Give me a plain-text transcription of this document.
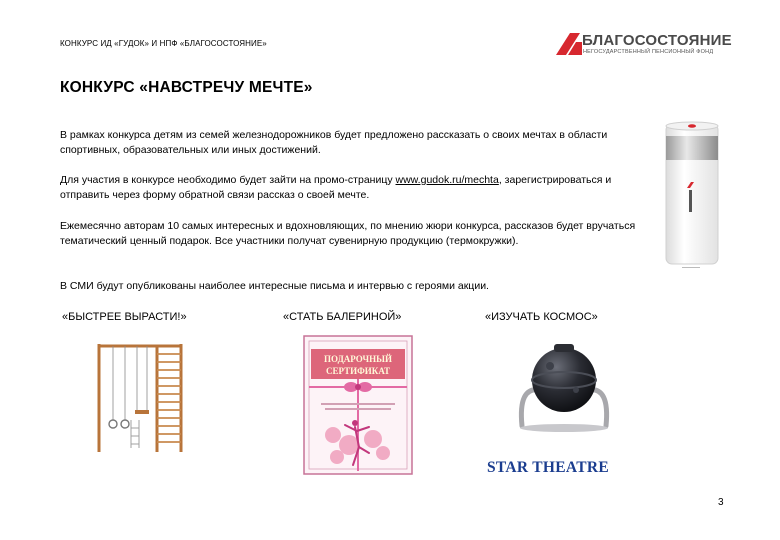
КОНКУРС ИД «ГУДОК» И НПФ «БЛАГОСОСТОЯНИЕ»	БЛАГОСОСТОЯНИЕ
НЕГОСУДАРСТВЕННЫЙ ПЕНСИОННЫЙ ФОНД
КОНКУРС «НАВСТРЕЧУ МЕЧТЕ»
В рамках конкурса детям из семей железнодорожников будет предложено рассказать о своих мечтах в области спортивных, образовательных или иных достижений.
Для участия в конкурсе необходимо будет зайти на промо-страницу www.gudok.ru/mechta, зарегистрироваться и отправить через форму обратной связи рассказ о своей мечте.
Ежемесячно авторам 10 самых интересных и вдохновляющих, по мнению жюри конкурса, рассказов будет вручаться тематический ценный подарок. Все участники получат сувенирную продукцию (термокружки).
В СМИ будут опубликованы наиболее интересные письма и интервью с героями акции.
«БЫСТРЕЕ ВЫРАСТИ!»	«СТАТЬ БАЛЕРИНОЙ»	«ИЗУЧАТЬ КОСМОС»
ПОДАРОЧНЫЙ
СЕРТИФИКАТ
STAR THEATRE
3
